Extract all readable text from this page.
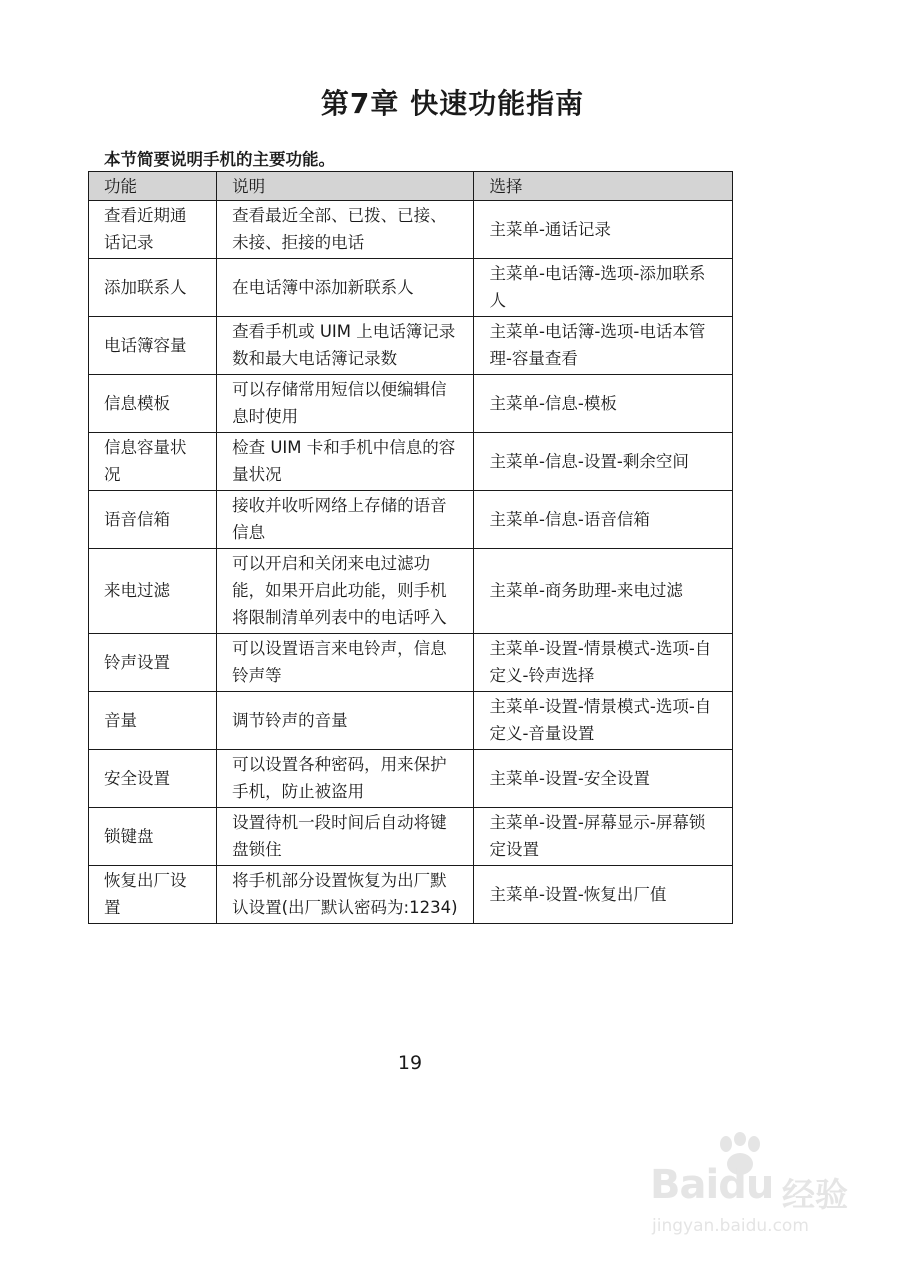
第7章 快速功能指南
本节简要说明手机的主要功能。
功能	说明	选择
查看近期通话记录	查看最近全部、已拨、已接、未接、拒接的电话	主菜单-通话记录
添加联系人	在电话簿中添加新联系人	主菜单-电话簿-选项-添加联系人
电话簿容量	查看手机或 UIM 上电话簿记录数和最大电话簿记录数	主菜单-电话簿-选项-电话本管理-容量查看
信息模板	可以存储常用短信以便编辑信息时使用	主菜单-信息-模板
信息容量状况	检查 UIM 卡和手机中信息的容量状况	主菜单-信息-设置-剩余空间
语音信箱	接收并收听网络上存储的语音信息	主菜单-信息-语音信箱
来电过滤	可以开启和关闭来电过滤功能，如果开启此功能，则手机将限制清单列表中的电话呼入	主菜单-商务助理-来电过滤
铃声设置	可以设置语言来电铃声，信息铃声等	主菜单-设置-情景模式-选项-自定义-铃声选择
音量	调节铃声的音量	主菜单-设置-情景模式-选项-自定义-音量设置
安全设置	可以设置各种密码，用来保护手机，防止被盗用	主菜单-设置-安全设置
锁键盘	设置待机一段时间后自动将键盘锁住	主菜单-设置-屏幕显示-屏幕锁定设置
恢复出厂设置	将手机部分设置恢复为出厂默认设置(出厂默认密码为:1234)	主菜单-设置-恢复出厂值
19
Baidu 经验
jingyan.baidu.com
